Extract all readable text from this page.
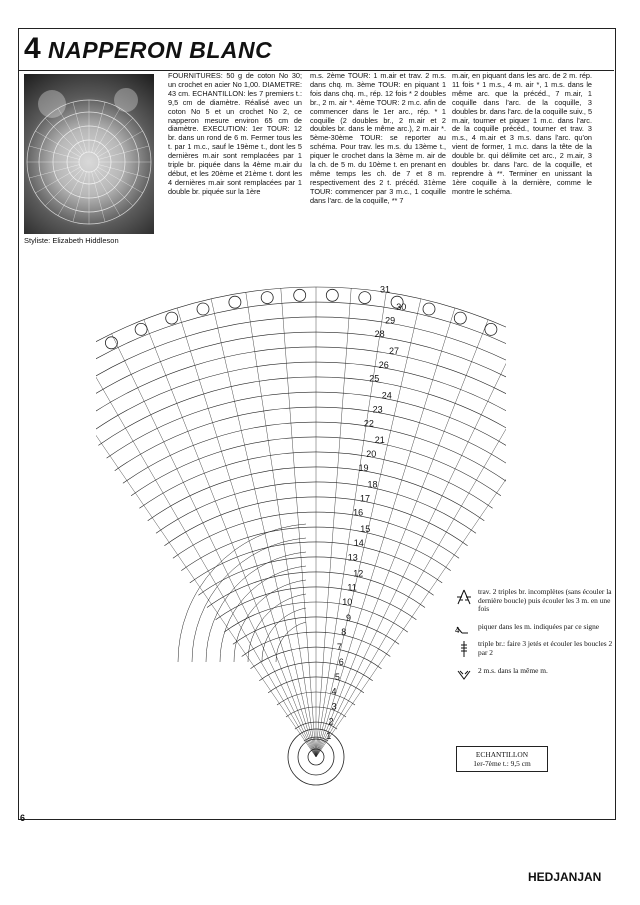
4 NAPPERON BLANC
Styliste: Elizabeth Hiddleson

FOURNITURES: 50 g de coton No 30; un crochet en acier No 1,00. DIAMETRE: 43 cm. ECHANTILLON: les 7 premiers t.: 9,5 cm de diamètre. Réalisé avec un coton No 5 et un crochet No 2, ce napperon mesure environ 65 cm de diamètre. EXECUTION: 1er TOUR: 12 br. dans un rond de 6 m. Fermer tous les t. par 1 m.c., sauf le 19ème t., dont les 5 dernières m.air sont remplacées par 1 triple br. piquée dans la 4ème m.air du début, et les 20ème et 21ème t. dont les 4 dernières m.air sont remplacées par 1 double br. piquée sur la 1ère

m.s. 2ème TOUR: 1 m.air et trav. 2 m.s. dans chq. m. 3ème TOUR: en piquant 1 fois dans chq. m., rép. 12 fois * 2 doubles br., 2 m. air *. 4ème TOUR: 2 m.c. afin de commencer dans le 1er arc., rép. * 1 coquille (2 doubles br., 2 m.air et 2 doubles br. dans le même arc.), 2 m.air *. 5ème-30ème TOUR: se reporter au schéma. Pour trav. les m.s. du 13ème t., piquer le crochet dans la 3ème m. air de la ch. de 5 m. du 10ème t. en prenant en même temps les ch. de 7 et 8 m. respectivement des 2 t. précéd. 31ème TOUR: commencer par 3 m.c., 1 coquille dans l'arc. de la coquille, ** 7

m.air, en piquant dans les arc. de 2 m. rép. 11 fois * 1 m.s., 4 m. air *, 1 m.s. dans le même arc. que la précéd., 7 m.air, 1 coquille dans l'arc. de la coquille, 3 doubles br. dans l'arc. de la coquille suiv., 5 m.air, tourner et piquer 1 m.c. dans l'arc. de la coquille précéd., tourner et trav. 3 m.s., 4 m.air et 3 m.s. dans l'arc. qu'on vient de former, 1 m.c. dans la tête de la double br. qui délimite cet arc., 2 m.air, 3 doubles br. dans l'arc. de la coquille, et reprendre à **. Terminer en unissant la 1ère coquille à la dernière, comme le montre le schéma.

1
2
3
4
5
6
7
8
9
10
11
12
13
14
15
16
17
18
19
20
21
22
23
24
25
26
27
28
29
30
31
trav. 2 triples br. incomplètes (sans écouler la dernière boucle) puis écouler les 3 m. en une fois
4	piquer dans les m. indiquées par ce signe
triple br.: faire 3 jetés et écouler les boucles 2 par 2
2 m.s. dans la même m.
ECHANTILLON
1er-7ème t.: 9,5 cm
6
HEDJANJAN
